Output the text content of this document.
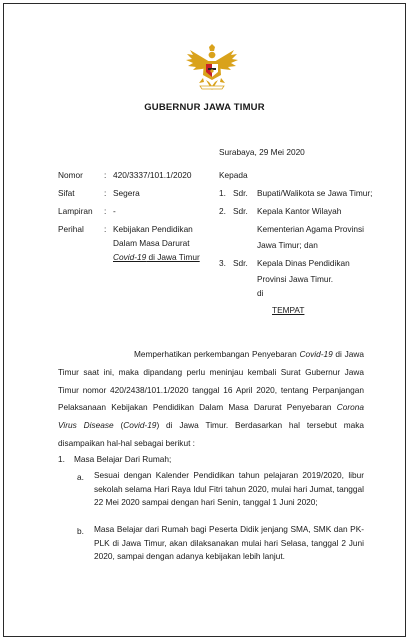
GUBERNUR JAWA TIMUR
Surabaya, 29 Mei 2020
Nomor	: 420/3337/101.1/2020
Sifat	: Segera
Lampiran : -
Perihal : Kebijakan Pendidikan
Dalam Masa Darurat
Covid-19 di Jawa Timur
Kepada
1. Sdr. Bupati/Walikota se Jawa Timur;
2. Sdr. Kepala Kantor Wilayah
Kementerian Agama Provinsi
Jawa Timur; dan
3. Sdr. Kepala Dinas Pendidikan
Provinsi Jawa Timur.
di
TEMPAT
Memperhatikan perkembangan Penyebaran Covid-19 di Jawa Timur saat ini, maka dipandang perlu meninjau kembali Surat Gubernur Jawa Timur nomor 420/2438/101.1/2020 tanggal 16 April 2020, tentang Perpanjangan Pelaksanaan Kebijakan Pendidikan Dalam Masa Darurat Penyebaran Corona Virus Disease (Covid-19) di Jawa Timur. Berdasarkan hal tersebut maka disampaikan hal-hal sebagai berikut :
1. Masa Belajar Dari Rumah;
a. Sesuai dengan Kalender Pendidikan tahun pelajaran 2019/2020, libur sekolah selama Hari Raya Idul Fitri tahun 2020, mulai hari Jumat, tanggal 22 Mei 2020 sampai dengan hari Senin, tanggal 1 Juni 2020;
b. Masa Belajar dari Rumah bagi Peserta Didik jenjang SMA, SMK dan PK-PLK di Jawa Timur, akan dilaksanakan mulai hari Selasa, tanggal 2 Juni 2020, sampai dengan adanya kebijakan lebih lanjut.
